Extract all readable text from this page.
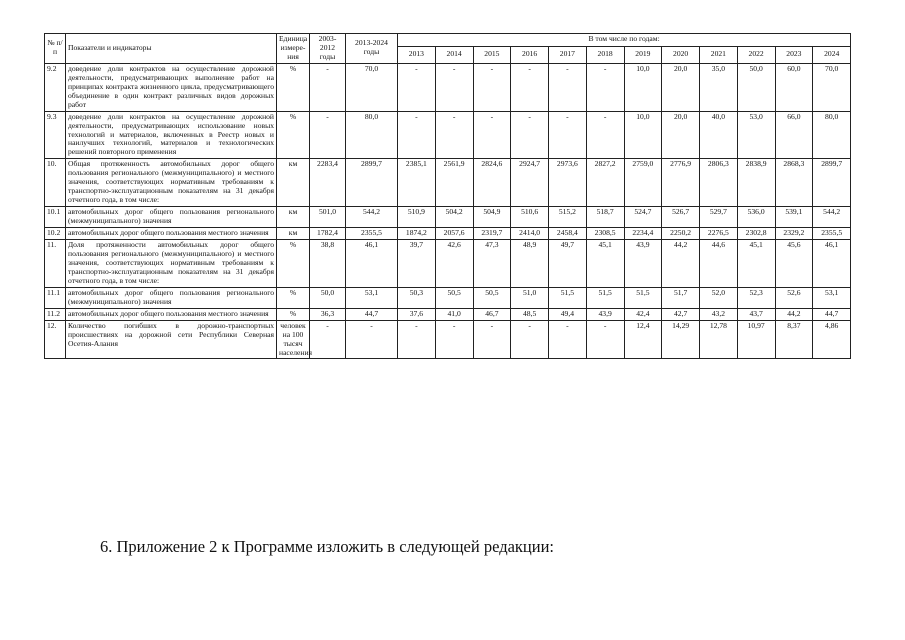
№ п/п	Показатели и индикаторы	Единица измере-ния	2003-2012 годы	2013-2024 годы	В том числе по годам:											
					2013	2014	2015	2016	2017	2018	2019	2020	2021	2022	2023	2024
9.2	доведение доли контрактов на осуществление дорожной деятельности, предусматривающих выполнение работ на принципах контракта жизненного цикла, предусматривающего объединение в один контракт различных видов дорожных работ	%	-	70,0	-	-	-	-	-	-	10,0	20,0	35,0	50,0	60,0	70,0
9.3	доведение доли контрактов на осуществление дорожной деятельности, предусматривающих использование новых технологий и материалов, включенных в Реестр новых и наилучших технологий, материалов и технологических решений повторного применения	%	-	80,0	-	-	-	-	-	-	10,0	20,0	40,0	53,0	66,0	80,0
10.	Общая протяженность автомобильных дорог общего пользования регионального (межмуниципального) и местного значения, соответствующих нормативным требованиям к транспортно-эксплуатационным показателям на 31 декабря отчетного года, в том числе:	км	2283,4	2899,7	2385,1	2561,9	2824,6	2924,7	2973,6	2827,2	2759,0	2776,9	2806,3	2838,9	2868,3	2899,7
10.1	автомобильных дорог общего пользования регионального (межмуниципального) значения	км	501,0	544,2	510,9	504,2	504,9	510,6	515,2	518,7	524,7	526,7	529,7	536,0	539,1	544,2
10.2	автомобильных дорог общего пользования местного значения	км	1782,4	2355,5	1874,2	2057,6	2319,7	2414,0	2458,4	2308,5	2234,4	2250,2	2276,5	2302,8	2329,2	2355,5
11.	Доля протяженности автомобильных дорог общего пользования регионального (межмуниципального) и местного значения, соответствующих нормативным требованиям к транспортно-эксплуатационным показателям на 31 декабря отчетного года, в том числе:	%	38,8	46,1	39,7	42,6	47,3	48,9	49,7	45,1	43,9	44,2	44,6	45,1	45,6	46,1
11.1	автомобильных дорог общего пользования регионального (межмуниципального) значения	%	50,0	53,1	50,3	50,5	50,5	51,0	51,5	51,5	51,5	51,7	52,0	52,3	52,6	53,1
11.2	автомобильных дорог общего пользования местного значения	%	36,3	44,7	37,6	41,0	46,7	48,5	49,4	43,9	42,4	42,7	43,2	43,7	44,2	44,7
12.	Количество погибших в дорожно-транспортных происшествиях на дорожной сети Республики Северная Осетия-Алания	человек на 100 тысяч населения	-	-	-	-	-	-	-	-	12,4	14,29	12,78	10,97	8,37	4,86
6. Приложение 2 к Программе изложить в следующей редакции:
